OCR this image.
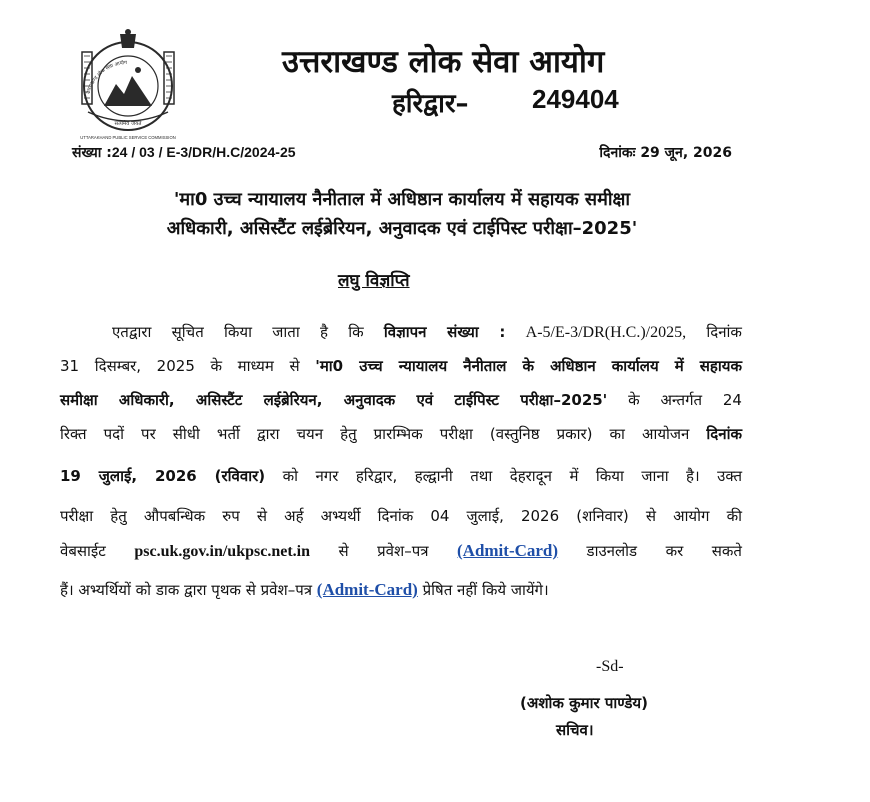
उत्तराखण्ड लोक सेवा आयोग
सत्यमेव जयते
UTTARAKHAND PUBLIC SERVICE COMMISSION
उत्तराखण्ड लोक सेवा आयोग
हरिद्वार– 249404
संख्या :24 / 03 / E-3/DR/H.C/2024-25	दिनांकः 29 जून, 2026
'मा0 उच्च न्यायालय नैनीताल में अधिष्ठान कार्यालय में सहायक समीक्षा
अधिकारी, असिस्टैंट लईब्रेरियन, अनुवादक एवं टाईपिस्ट परीक्षा–2025'
लघु विज्ञप्ति
एतद्वारा सूचित किया जाता है कि विज्ञापन संख्या : A-5/E-3/DR(H.C.)/2025, दिनांक
31 दिसम्बर, 2025 के माध्यम से 'मा0 उच्च न्यायालय नैनीताल के अधिष्ठान कार्यालय में सहायक
समीक्षा अधिकारी, असिस्टैंट लईब्रेरियन, अनुवादक एवं टाईपिस्ट परीक्षा–2025' के अन्तर्गत 24
रिक्त पदों पर सीधी भर्ती द्वारा चयन हेतु प्रारम्भिक परीक्षा (वस्तुनिष्ठ प्रकार) का आयोजन दिनांक
19 जुलाई, 2026 (रविवार) को नगर हरिद्वार, हल्द्वानी तथा देहरादून में किया जाना है। उक्त
परीक्षा हेतु औपबन्धिक रुप से अर्ह अभ्यर्थी दिनांक 04 जुलाई, 2026 (शनिवार) से आयोग की
वेबसाईट psc.uk.gov.in/ukpsc.net.in से प्रवेश–पत्र (Admit-Card) डाउनलोड कर सकते
हैं। अभ्यर्थियों को डाक द्वारा पृथक से प्रवेश–पत्र (Admit-Card) प्रेषित नहीं किये जायेंगे।
-Sd-
(अशोक कुमार पाण्डेय)
सचिव।
